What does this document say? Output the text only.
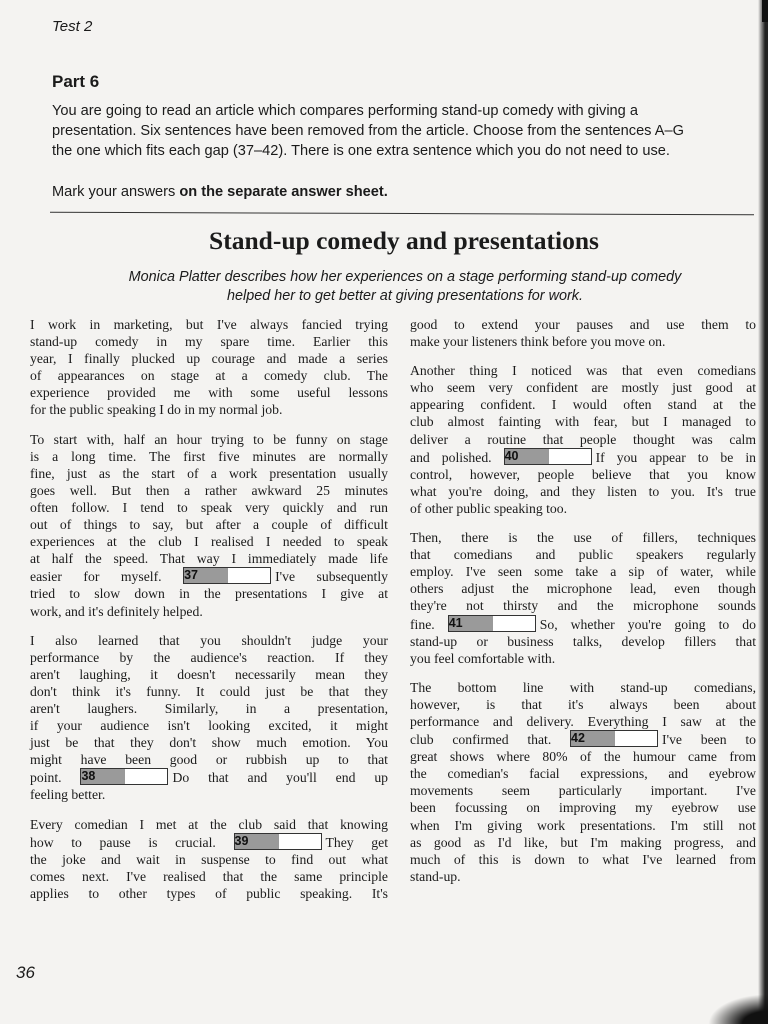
Test 2
Part 6
You are going to read an article which compares performing stand-up comedy with giving a
presentation. Six sentences have been removed from the article. Choose from the sentences A–G
the one which fits each gap (37–42). There is one extra sentence which you do not need to use.
Mark your answers on the separate answer sheet.
Stand-up comedy and presentations
Monica Platter describes how her experiences on a stage performing stand-up comedy
helped her to get better at giving presentations for work.

I work in marketing, but I've always fancied trying
stand-up comedy in my spare time. Earlier this
year, I finally plucked up courage and made a series
of appearances on stage at a comedy club. The
experience provided me with some useful lessons
for the public speaking I do in my normal job.

To start with, half an hour trying to be funny on stage
is a long time. The first five minutes are normally
fine, just as the start of a work presentation usually
goes well. But then a rather awkward 25 minutes
often follow. I tend to speak very quickly and run
out of things to say, but after a couple of difficult
experiences at the club I realised I needed to speak
at half the speed. That way I immediately made life
easier for myself. 37	I've subsequently
tried to slow down in the presentations I give at
work, and it's definitely helped.

I also learned that you shouldn't judge your
performance by the audience's reaction. If they
aren't laughing, it doesn't necessarily mean they
don't think it's funny. It could just be that they
aren't laughers. Similarly, in a presentation,
if your audience isn't looking excited, it might
just be that they don't show much emotion. You
might have been good or rubbish up to that
point. 38	Do that and you'll end up
feeling better.

Every comedian I met at the club said that knowing
how to pause is crucial. 39	They get
the joke and wait in suspense to find out what
comes next. I've realised that the same principle
applies to other types of public speaking. It's

good to extend your pauses and use them to
make your listeners think before you move on.

Another thing I noticed was that even comedians
who seem very confident are mostly just good at
appearing confident. I would often stand at the
club almost fainting with fear, but I managed to
deliver a routine that people thought was calm
and polished. 40	If you appear to be in
control, however, people believe that you know
what you're doing, and they listen to you. It's true
of other public speaking too.

Then, there is the use of fillers, techniques
that comedians and public speakers regularly
employ. I've seen some take a sip of water, while
others adjust the microphone lead, even though
they're not thirsty and the microphone sounds
fine. 41	So, whether you're going to do
stand-up or business talks, develop fillers that
you feel comfortable with.

The bottom line with stand-up comedians,
however, is that it's always been about
performance and delivery. Everything I saw at the
club confirmed that. 42	I've been to
great shows where 80% of the humour came from
the comedian's facial expressions, and eyebrow
movements seem particularly important. I've
been focussing on improving my eyebrow use
when I'm giving work presentations. I'm still not
as good as I'd like, but I'm making progress, and
much of this is down to what I've learned from
stand-up.

36
